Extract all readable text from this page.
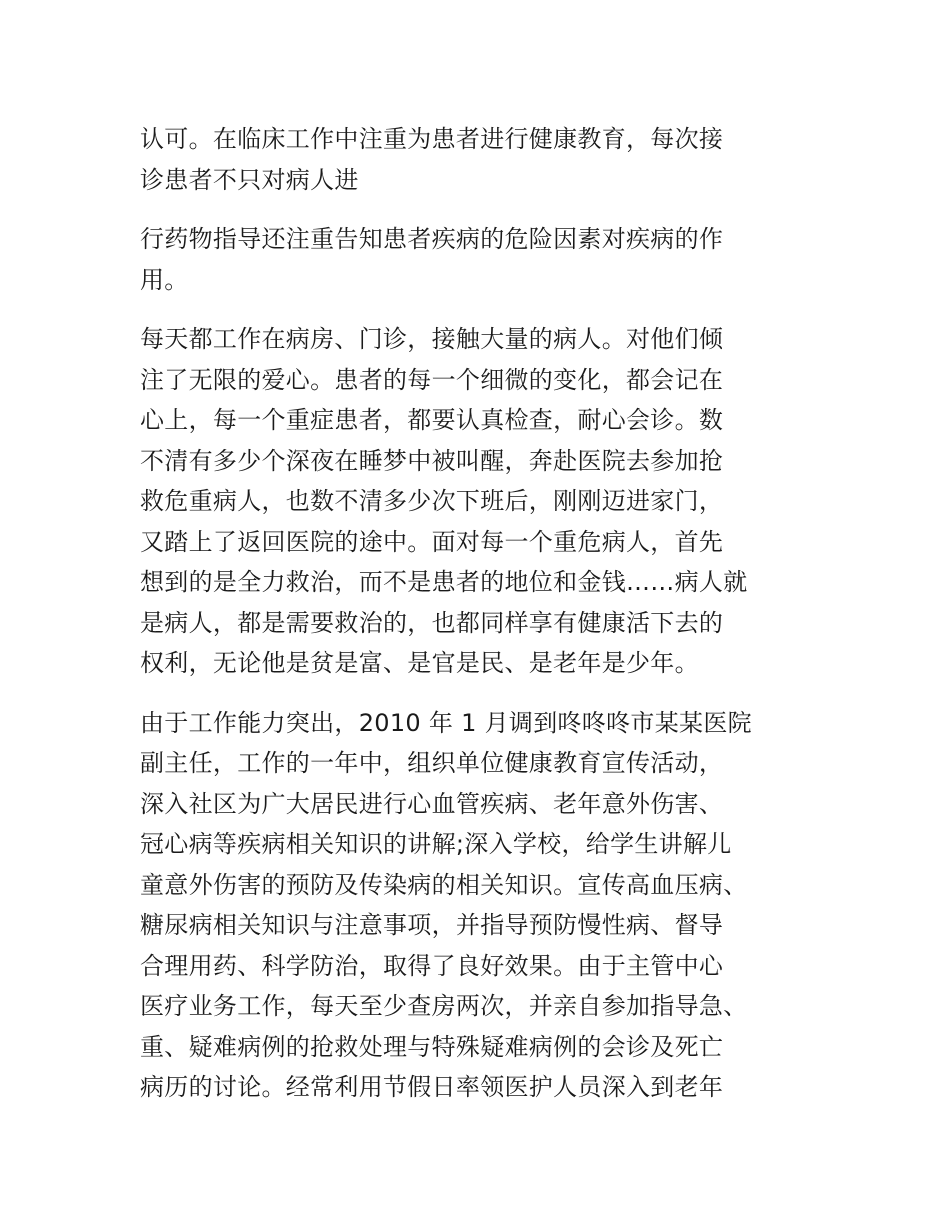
认可。在临床工作中注重为患者进行健康教育，每次接
诊患者不只对病人进

行药物指导还注重告知患者疾病的危险因素对疾病的作
用。

每天都工作在病房、门诊，接触大量的病人。对他们倾
注了无限的爱心。患者的每一个细微的变化，都会记在
心上，每一个重症患者，都要认真检查，耐心会诊。数
不清有多少个深夜在睡梦中被叫醒，奔赴医院去参加抢
救危重病人，也数不清多少次下班后，刚刚迈进家门，
又踏上了返回医院的途中。面对每一个重危病人，首先
想到的是全力救治，而不是患者的地位和金钱……病人就
是病人，都是需要救治的，也都同样享有健康活下去的
权利，无论他是贫是富、是官是民、是老年是少年。

由于工作能力突出，2010 年 1 月调到咚咚咚市某某医院
副主任，工作的一年中，组织单位健康教育宣传活动，
深入社区为广大居民进行心血管疾病、老年意外伤害、
冠心病等疾病相关知识的讲解;深入学校，给学生讲解儿
童意外伤害的预防及传染病的相关知识。宣传高血压病、
糖尿病相关知识与注意事项，并指导预防慢性病、督导
合理用药、科学防治，取得了良好效果。由于主管中心
医疗业务工作，每天至少查房两次，并亲自参加指导急、
重、疑难病例的抢救处理与特殊疑难病例的会诊及死亡
病历的讨论。经常利用节假日率领医护人员深入到老年
